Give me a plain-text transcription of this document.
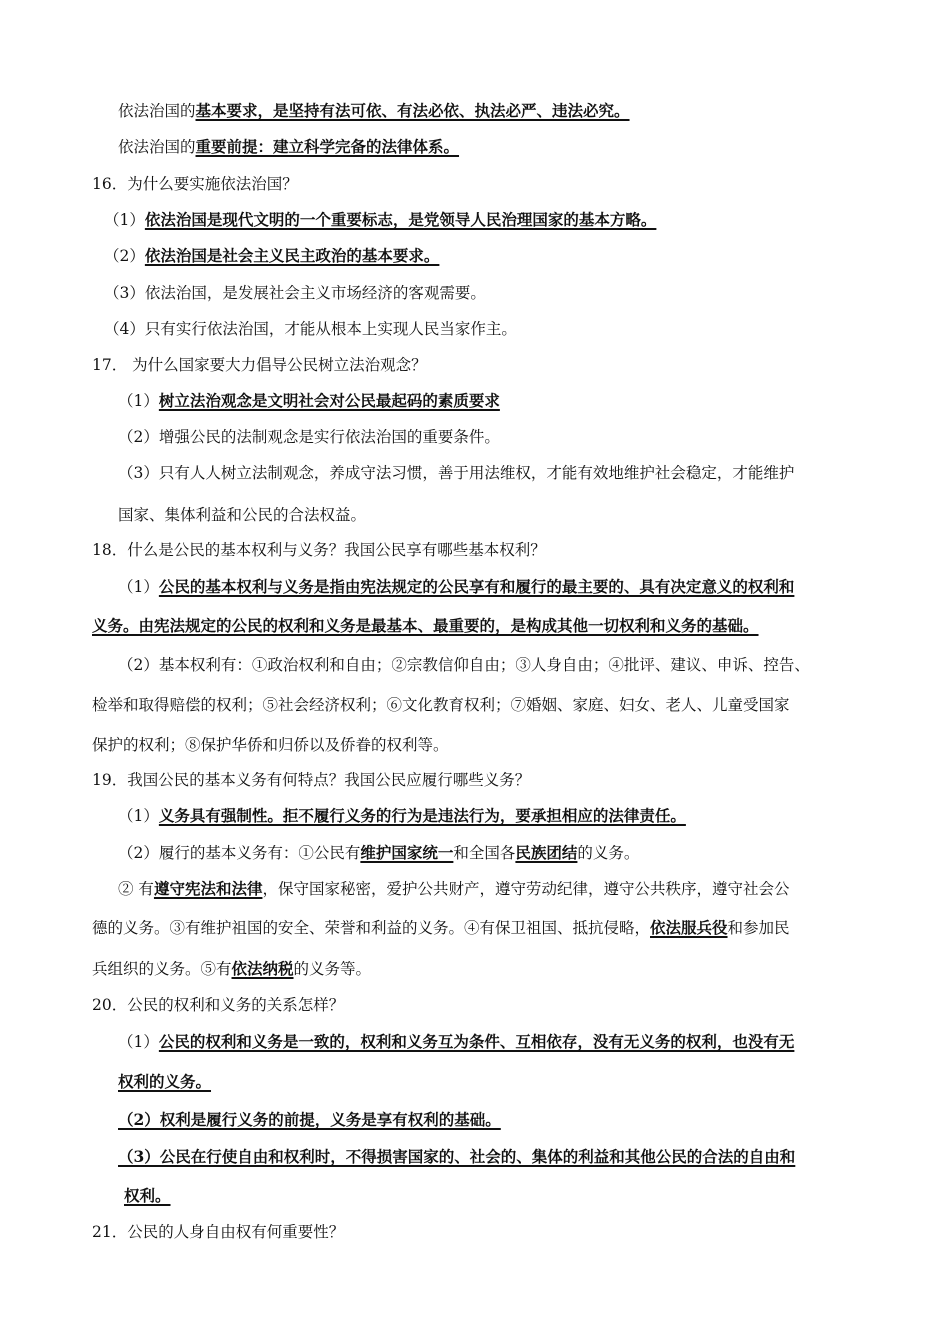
依法治国的基本要求，是坚持有法可依、有法必依、执法必严、违法必究。
依法治国的重要前提：建立科学完备的法律体系。
16．为什么要实施依法治国？
（1）依法治国是现代文明的一个重要标志，是党领导人民治理国家的基本方略。
（2）依法治国是社会主义民主政治的基本要求。
（3）依法治国，是发展社会主义市场经济的客观需要。
（4）只有实行依法治国，才能从根本上实现人民当家作主。
17． 为什么国家要大力倡导公民树立法治观念？
（1）树立法治观念是文明社会对公民最起码的素质要求
（2）增强公民的法制观念是实行依法治国的重要条件。
（3）只有人人树立法制观念，养成守法习惯，善于用法维权，才能有效地维护社会稳定，才能维护
国家、集体利益和公民的合法权益。
18．什么是公民的基本权利与义务？我国公民享有哪些基本权利？
（1）公民的基本权利与义务是指由宪法规定的公民享有和履行的最主要的、具有决定意义的权利和
义务。由宪法规定的公民的权利和义务是最基本、最重要的，是构成其他一切权利和义务的基础。
（2）基本权利有：①政治权利和自由；②宗教信仰自由；③人身自由；④批评、建议、申诉、控告、
检举和取得赔偿的权利；⑤社会经济权利；⑥文化教育权利；⑦婚姻、家庭、妇女、老人、儿童受国家
保护的权利；⑧保护华侨和归侨以及侨眷的权利等。
19．我国公民的基本义务有何特点？我国公民应履行哪些义务？
（1）义务具有强制性。拒不履行义务的行为是违法行为，要承担相应的法律责任。
（2）履行的基本义务有：①公民有维护国家统一和全国各民族团结的义务。
② 有遵守宪法和法律，保守国家秘密，爱护公共财产，遵守劳动纪律，遵守公共秩序，遵守社会公
德的义务。③有维护祖国的安全、荣誉和利益的义务。④有保卫祖国、抵抗侵略，依法服兵役和参加民
兵组织的义务。⑤有依法纳税的义务等。
20．公民的权利和义务的关系怎样？
（1）公民的权利和义务是一致的，权利和义务互为条件、互相依存，没有无义务的权利，也没有无
权利的义务。
（2）权利是履行义务的前提，义务是享有权利的基础。
（3）公民在行使自由和权利时，不得损害国家的、社会的、集体的利益和其他公民的合法的自由和
权利。
21．公民的人身自由权有何重要性？
